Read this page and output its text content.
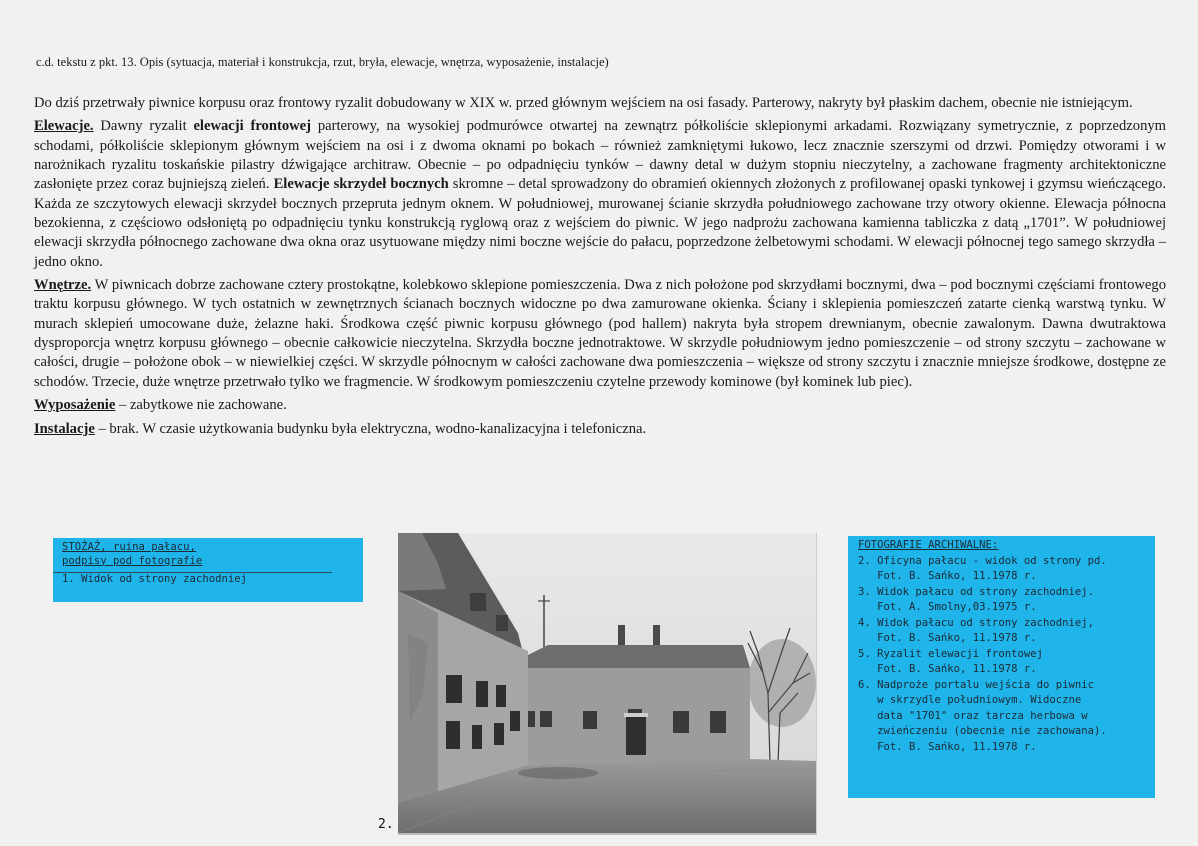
c.d. tekstu z pkt. 13. Opis (sytuacja, materiał i konstrukcja, rzut, bryła, elewacje, wnętrza, wyposażenie, instalacje)

Do dziś przetrwały piwnice korpusu oraz frontowy ryzalit dobudowany w XIX w. przed głównym wejściem na osi fasady. Parterowy, nakryty był płaskim dachem, obecnie nie istniejącym.

Elewacje. Dawny ryzalit elewacji frontowej parterowy, na wysokiej podmurówce otwartej na zewnątrz półkoliście sklepionymi arkadami. Rozwiązany symetrycznie, z poprzedzonym schodami, półkoliście sklepionym głównym wejściem na osi i z dwoma oknami po bokach – również zamkniętymi łukowo, lecz znacznie szerszymi od drzwi. Pomiędzy otworami i w narożnikach ryzalitu toskańskie pilastry dźwigające architraw. Obecnie – po odpadnięciu tynków – dawny detal w dużym stopniu nieczytelny, a zachowane fragmenty architektoniczne zasłonięte przez coraz bujniejszą zieleń. Elewacje skrzydeł bocznych skromne – detal sprowadzony do obramień okiennych złożonych z profilowanej opaski tynkowej i gzymsu wieńczącego. Każda ze szczytowych elewacji skrzydeł bocznych przepruta jednym oknem. W południowej, murowanej ścianie skrzydła południowego zachowane trzy otwory okienne. Elewacja północna bezokienna, z częściowo odsłoniętą po odpadnięciu tynku konstrukcją ryglową oraz z wejściem do piwnic. W jego nadprożu zachowana kamienna tabliczka z datą „1701”. W południowej elewacji skrzydła północnego zachowane dwa okna oraz usytuowane między nimi boczne wejście do pałacu, poprzedzone żelbetowymi schodami. W elewacji północnej tego samego skrzydła – jedno okno.

Wnętrze. W piwnicach dobrze zachowane cztery prostokątne, kolebkowo sklepione pomieszczenia. Dwa z nich położone pod skrzydłami bocznymi, dwa – pod bocznymi częściami frontowego traktu korpusu głównego. W tych ostatnich w zewnętrznych ścianach bocznych widoczne po dwa zamurowane okienka. Ściany i sklepienia pomieszczeń zatarte cienką warstwą tynku. W murach sklepień umocowane duże, żelazne haki. Środkowa część piwnic korpusu głównego (pod hallem) nakryta była stropem drewnianym, obecnie zawalonym. Dawna dwutraktowa dysproporcja wnętrz korpusu głównego – obecnie całkowicie nieczytelna. Skrzydła boczne jednotraktowe. W skrzydle południowym jedno pomieszczenie – od strony szczytu – zachowane w całości, drugie – położone obok – w niewielkiej części. W skrzydle północnym w całości zachowane dwa pomieszczenia – większe od strony szczytu i znacznie mniejsze środkowe, dostępne ze schodów. Trzecie, duże wnętrze przetrwało tylko we fragmencie. W środkowym pomieszczeniu czytelne przewody kominowe (był kominek lub piec).

Wyposażenie – zabytkowe nie zachowane.

Instalacje – brak. W czasie użytkowania budynku była elektryczna, wodno-kanalizacyjna i telefoniczna.

STOŻAŻ, ruina pałacu,
podpisy pod fotografie
1. Widok od strony zachodniej
2.
FOTOGRAFIE ARCHIWALNE:
2. Oficyna pałacu - widok od strony pd.
Fot. B. Sańko, 11.1978 r.
3. Widok pałacu od strony zachodniej.
Fot. A. Smolny,03.1975 r.
4. Widok pałacu od strony zachodniej,
Fot. B. Sańko, 11.1978 r.
5. Ryzalit elewacji frontowej
Fot. B. Sańko, 11.1978 r.
6. Nadproże portalu wejścia do piwnic
w skrzydle południowym. Widoczne
data "1701" oraz tarcza herbowa w
zwieńczeniu (obecnie nie zachowana).
Fot. B. Sańko, 11.1978 r.
